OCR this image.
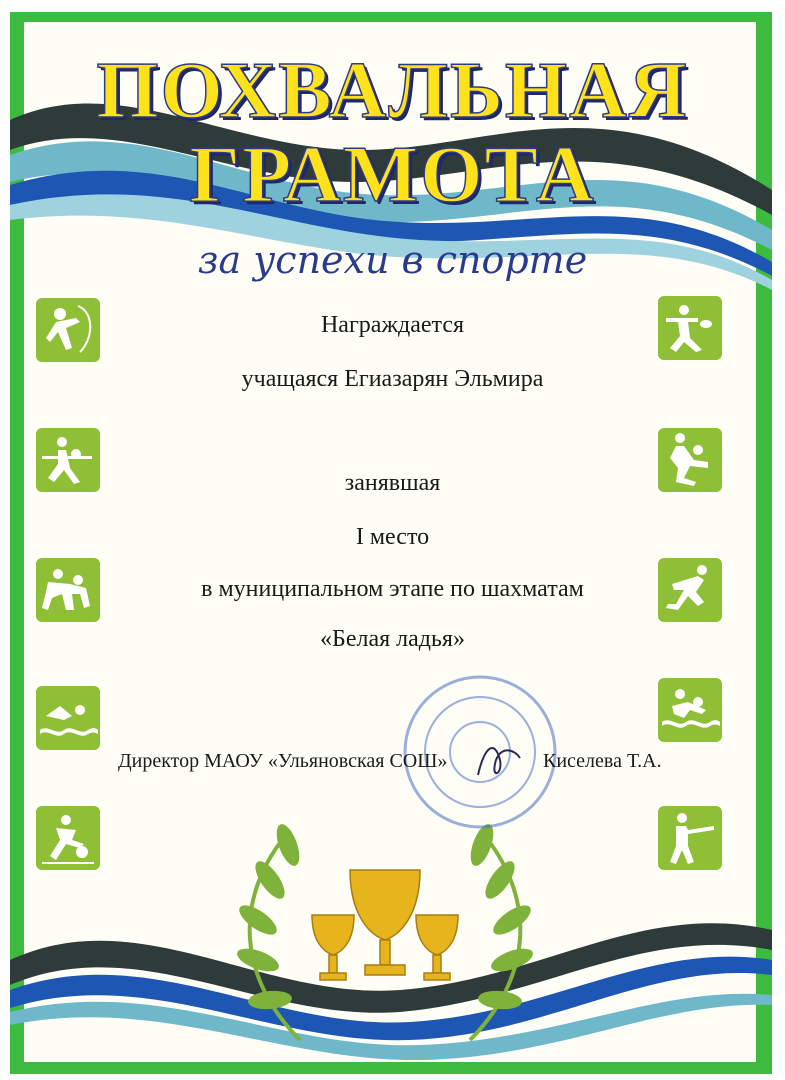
ПОХВАЛЬНАЯ
ГРАМОТА
за успехи в спорте
Награждается
учащаяся Егиазарян Эльмира
занявшая
I место
в муниципальном этапе по шахматам
«Белая ладья»
Директор МАОУ «Ульяновская СОШ»	Киселева Т.А.
